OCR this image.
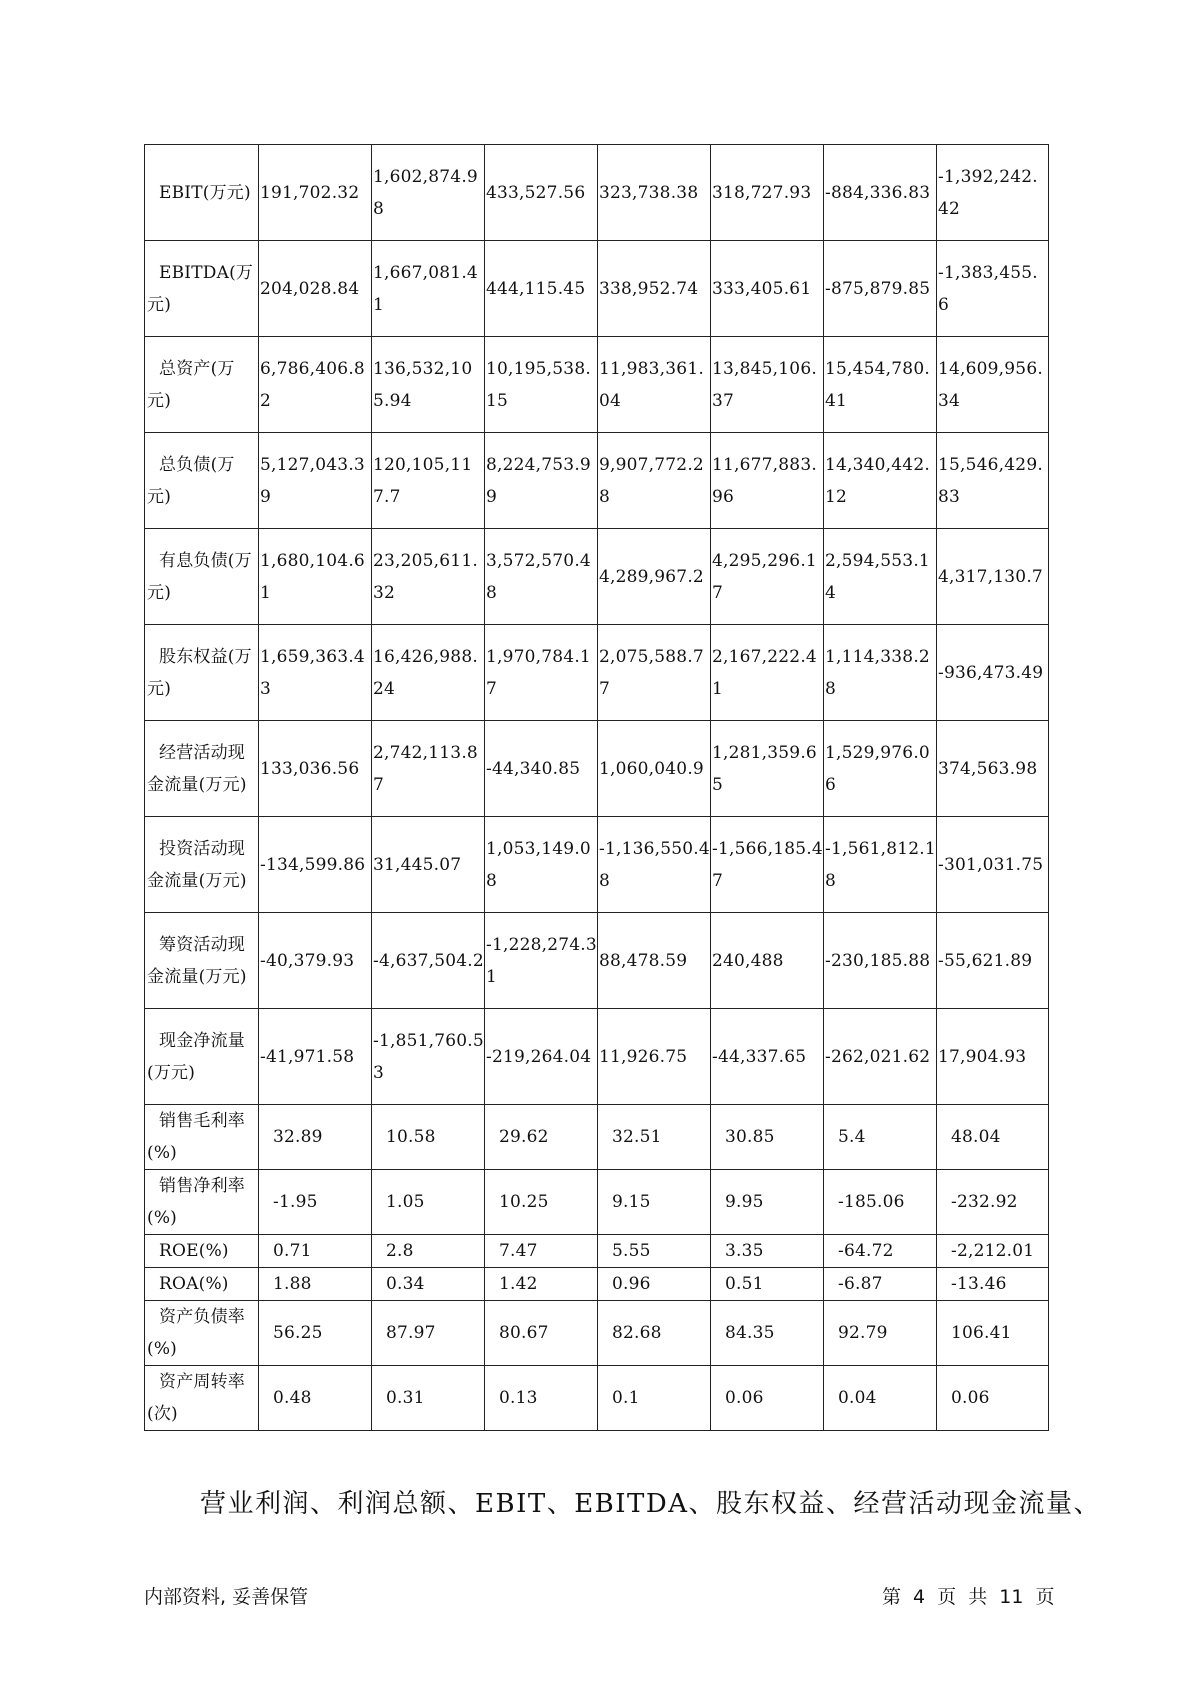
EBIT(万元)	191,702.32	1,602,874.98	433,527.56	323,738.38	318,727.93	-884,336.83	-1,392,242.42

EBITDA(万元)	204,028.84	1,667,081.41	444,115.45	338,952.74	333,405.61	-875,879.85	-1,383,455.6

总资产(万元)	6,786,406.82	136,532,105.94	10,195,538.15	11,983,361.04	13,845,106.37	15,454,780.41	14,609,956.34

总负债(万元)	5,127,043.39	120,105,117.7	8,224,753.99	9,907,772.28	11,677,883.96	14,340,442.12	15,546,429.83

有息负债(万元)	1,680,104.61	23,205,611.32	3,572,570.48	4,289,967.2	4,295,296.17	2,594,553.14	4,317,130.7

股东权益(万元)	1,659,363.43	16,426,988.24	1,970,784.17	2,075,588.77	2,167,222.41	1,114,338.28	-936,473.49

经营活动现金流量(万元)	133,036.56	2,742,113.87	-44,340.85	1,060,040.9	1,281,359.65	1,529,976.06	374,563.98

投资活动现金流量(万元)	-134,599.86	31,445.07	1,053,149.08	-1,136,550.48	-1,566,185.47	-1,561,812.18	-301,031.75

筹资活动现金流量(万元)	-40,379.93	-4,637,504.2	-1,228,274.31	88,478.59	240,488	-230,185.88	-55,621.89

现金净流量(万元)	-41,971.58	-1,851,760.53	-219,264.04	11,926.75	-44,337.65	-262,021.62	17,904.93

销售毛利率(%)	32.89	10.58	29.62	32.51	30.85	5.4	48.04

销售净利率(%)	-1.95	1.05	10.25	9.15	9.95	-185.06	-232.92

ROE(%)	0.71	2.8	7.47	5.55	3.35	-64.72	-2,212.01

ROA(%)	1.88	0.34	1.42	0.96	0.51	-6.87	-13.46

资产负债率(%)	56.25	87.97	80.67	82.68	84.35	92.79	106.41

资产周转率(次)	0.48	0.31	0.13	0.1	0.06	0.04	0.06

营业利润、利润总额、EBIT、EBITDA、股东权益、经营活动现金流量、

内部资料, 妥善保管	第 4 页 共 11 页
